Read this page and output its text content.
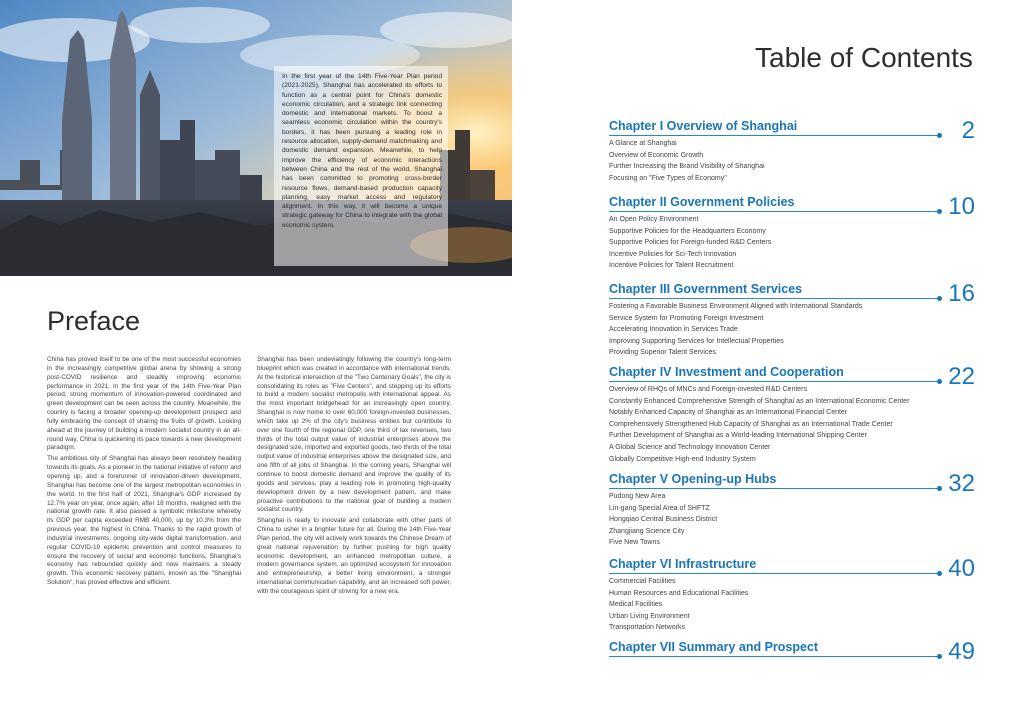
In the first year of the 14th Five-Year Plan period (2021-2025), Shanghai has accelerated its efforts to function as a central point for China's domestic economic circulation, and a strategic link connecting domestic and international markets. To boost a seamless economic circulation within the country's borders, it has been pursuing a leading role in resource allocation, supply-demand matchmaking and domestic demand expansion. Meanwhile, to help improve the efficiency of economic interactions between China and the rest of the world, Shanghai has been committed to promoting cross-border resource flows, demand-based production capacity planning, easy market access and regulatory alignment. In this way, it will become a unique strategic gateway for China to integrate with the global economic system.

Preface

China has proved itself to be one of the most successful economies in the increasingly competitive global arena by showing a strong post-COVID resilience and steadily improving economic performance in 2021. In the first year of the 14th Five-Year Plan period, strong momentum of innovation-powered coordinated and green development can be seen across the country. Meanwhile, the country is facing a broader opening-up development prospect and fully embracing the concept of sharing the fruits of growth. Looking ahead at the journey of building a modern socialist country in an all-round way, China is quickening its pace towards a new development paradigm.

The ambitious city of Shanghai has always been resolutely heading towards its goals. As a pioneer in the national initiative of reform and opening up, and a forerunner of innovation-driven development, Shanghai has become one of the largest metropolitan economies in the world. In the first half of 2021, Shanghai's GDP increased by 12.7% year on year, once again, after 18 months, realigned with the national growth rate. It also passed a symbolic milestone whereby its GDP per capita exceeded RMB 40,000, up by 10.3% from the previous year, the highest in China. Thanks to the rapid growth of industrial investments, ongoing city-wide digital transformation, and regular COVID-19 epidemic prevention and control measures to ensure the recovery of social and economic functions, Shanghai's economy has rebounded quickly and now maintains a steady growth. This economic recovery pattern, known as the "Shanghai Solution", has proved effective and efficient.

Shanghai has been undeviatingly following the country's long-term blueprint which was created in accordance with international trends. At the historical intersection of the "Two Centenary Goals", the city is consolidating its roles as "Five Centers", and stepping up its efforts to build a modern socialist metropolis with international appeal. As the most important bridgehead for an increasingly open country, Shanghai is now home to over 60,000 foreign-invested businesses, which take up 2% of the city's business entities but contribute to over one fourth of the regional GDP, one third of tax revenues, two thirds of the total output value of industrial enterprises above the designated size, imported and exported goods, two thirds of the total output value of industrial enterprises above the designated size, and one fifth of all jobs of Shanghai. In the coming years, Shanghai will continue to boost domestic demand and improve the quality of its goods and services, play a leading role in promoting high-quality development driven by a new development pattern, and make proactive contributions to the national goal of building a modern socialist country.

Shanghai is ready to innovate and collaborate with other parts of China to usher in a brighter future for all. During the 14th Five-Year Plan period, the city will actively work towards the Chinese Dream of great national rejuvenation by further pushing for high quality economic development, an enhanced metropolitan culture, a modern governance system, an optimized ecosystem for innovation and entrepreneurship, a better living environment, a stronger international communication capability, and an increased soft power, with the courageous spirit of striving for a new era.

Table of Contents
Chapter I Overview of Shanghai	2
A Glance at Shanghai
Overview of Economic Growth
Further Increasing the Brand Visibility of Shanghai
Focusing on "Five Types of Economy"
Chapter II Government Policies	10
An Open Policy Environment
Supportive Policies for the Headquarters Economy
Supportive Policies for Foreign-funded R&D Centers
Incentive Policies for Sci-Tech Innovation
Incentive Policies for Talent Recruitment
Chapter III Government Services	16
Fostering a Favorable Business Environment Aligned with International Standards
Service System for Promoting Foreign Investment
Accelerating Innovation in Services Trade
Improving Supporting Services for Intellectual Properties
Providing Superior Talent Services
Chapter IV Investment and Cooperation	22
Overview of RHQs of MNCs and Foreign-invested R&D Centers
Constantly Enhanced Comprehensive Strength of Shanghai as an International Economic Center
Notably Enhanced Capacity of Shanghai as an International Financial Center
Comprehensively Strengthened Hub Capacity of Shanghai as an International Trade Center
Further Development of Shanghai as a World-leading International Shipping Center
A Global Science and Technology Innovation Center
Globally Competitive High-end Industry System
Chapter V Opening-up Hubs	32
Pudong New Area
Lin-gang Special Area of SHFTZ
Hongqiao Central Business District
Zhangjiang Science City
Five New Towns
Chapter VI Infrastructure	40
Commercial Facilities
Human Resources and Educational Facilities
Medical Facilities
Urban Living Environment
Transportation Networks
Chapter VII Summary and Prospect	49
